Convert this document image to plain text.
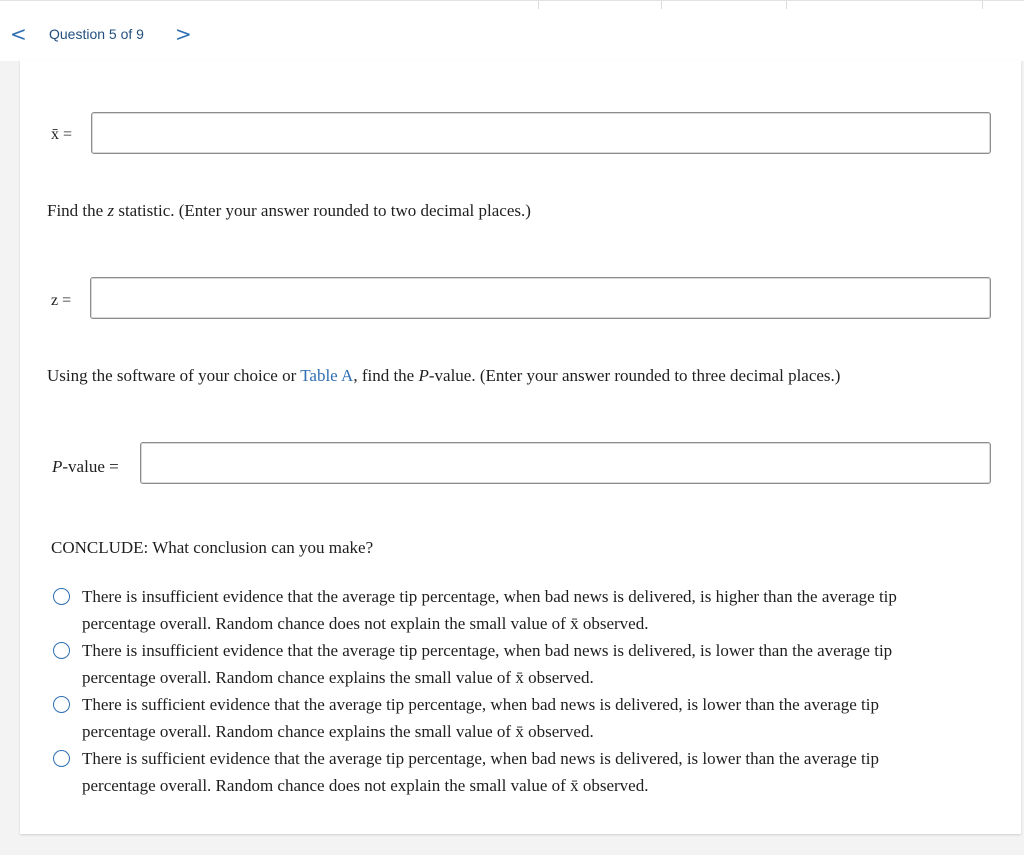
< Question 5 of 9 >
x̄ =
Find the z statistic. (Enter your answer rounded to two decimal places.)
z =
Using the software of your choice or Table A, find the P-value. (Enter your answer rounded to three decimal places.)
P-value =
CONCLUDE: What conclusion can you make?
There is insufficient evidence that the average tip percentage, when bad news is delivered, is higher than the average tip
percentage overall. Random chance does not explain the small value of x̄ observed.
There is insufficient evidence that the average tip percentage, when bad news is delivered, is lower than the average tip
percentage overall. Random chance explains the small value of x̄ observed.
There is sufficient evidence that the average tip percentage, when bad news is delivered, is lower than the average tip
percentage overall. Random chance explains the small value of x̄ observed.
There is sufficient evidence that the average tip percentage, when bad news is delivered, is lower than the average tip
percentage overall. Random chance does not explain the small value of x̄ observed.
